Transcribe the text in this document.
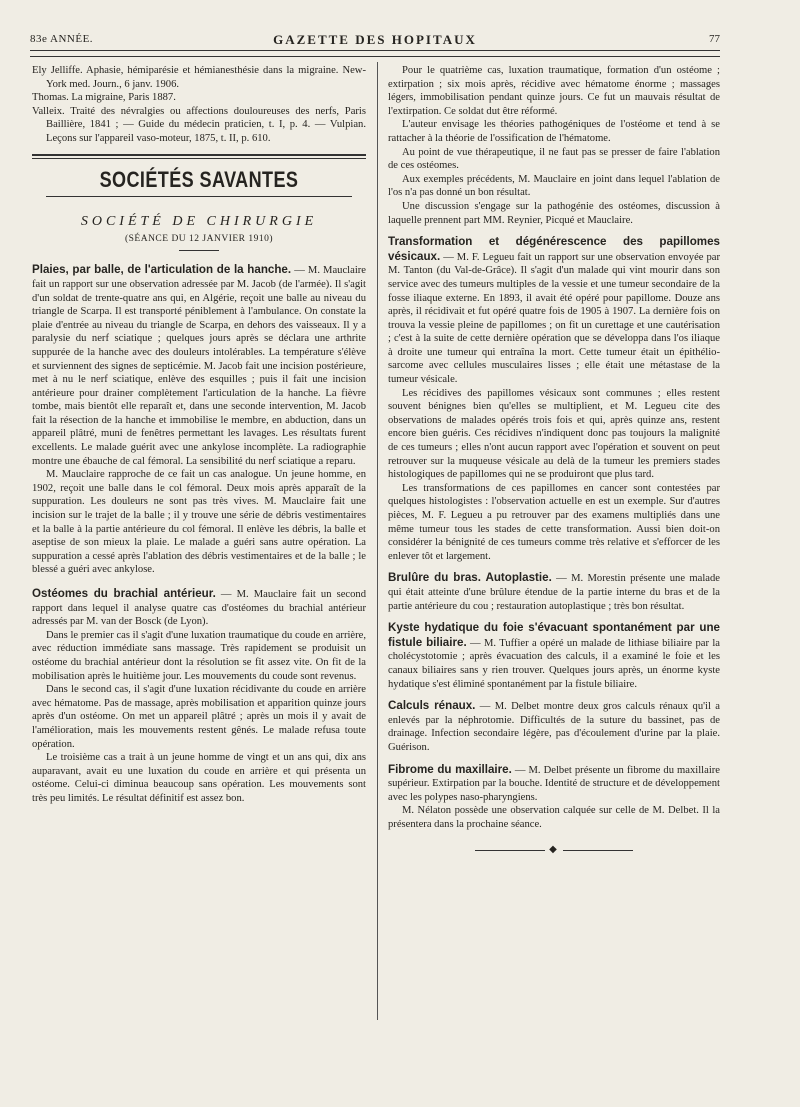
83e ANNÉE.	GAZETTE DES HOPITAUX	77

Ely Jelliffe. Aphasie, hémiparésie et hémianesthésie dans la migraine. New-York med. Journ., 6 janv. 1906.

Thomas. La migraine, Paris 1887.

Valleix. Traité des névralgies ou affections douloureuses des nerfs, Paris Baillière, 1841 ; — Guide du médecin praticien, t. I, p. 4. — Vulpian. Leçons sur l'appareil vaso-moteur, 1875, t. II, p. 610.

SOCIÉTÉS SAVANTES
SOCIÉTÉ DE CHIRURGIE
(SÉANCE DU 12 JANVIER 1910)

Plaies, par balle, de l'articulation de la hanche. — M. Mauclaire fait un rapport sur une observation adressée par M. Jacob (de l'armée). Il s'agit d'un soldat de trente-quatre ans qui, en Algérie, reçoit une balle au niveau du triangle de Scarpa. Il est transporté péniblement à l'ambulance. On constate la plaie d'entrée au niveau du triangle de Scarpa, en dehors des vaisseaux. Il y a paralysie du nerf sciatique ; quelques jours après se déclara une arthrite suppurée de la hanche avec des douleurs intolérables. La température s'élève et surviennent des signes de septicémie. M. Jacob fait une incision postérieure, met à nu le nerf sciatique, enlève des esquilles ; puis il fait une incision antérieure pour drainer complètement l'articulation de la hanche. La fièvre tombe, mais bientôt elle reparaît et, dans une seconde intervention, M. Jacob fait la résection de la hanche et immobilise le membre, en abduction, dans un appareil plâtré, muni de fenêtres permettant les lavages. Les résultats furent excellents. Le malade guérit avec une ankylose incomplète. La radiographie montre une ébauche de cal fémoral. La sensibilité du nerf sciatique a reparu.

M. Mauclaire rapproche de ce fait un cas analogue. Un jeune homme, en 1902, reçoit une balle dans le col fémoral. Deux mois après apparaît de la suppuration. Les douleurs ne sont pas très vives. M. Mauclaire fait une incision sur le trajet de la balle ; il y trouve une série de débris vestimentaires et la balle à la partie antérieure du col fémoral. Il enlève les débris, la balle et aseptise de son mieux la plaie. Le malade a guéri sans autre opération. La suppuration a cessé après l'ablation des débris vestimentaires et de la balle ; le blessé a guéri avec ankylose.

Ostéomes du brachial antérieur. — M. Mauclaire fait un second rapport dans lequel il analyse quatre cas d'ostéomes du brachial antérieur adressés par M. van der Bosck (de Lyon).

Dans le premier cas il s'agit d'une luxation traumatique du coude en arrière, avec réduction immédiate sans massage. Très rapidement se produisit un ostéome du brachial antérieur dont la résolution se fit assez vite. On fit de la mobilisation après le huitième jour. Les mouvements du coude sont revenus.

Dans le second cas, il s'agit d'une luxation récidivante du coude en arrière avec hématome. Pas de massage, après mobilisation et apparition quinze jours après d'un ostéome. On met un appareil plâtré ; après un mois il y avait de l'amélioration, mais les mouvements restent gênés. Le malade refusa toute opération.

Le troisième cas a trait à un jeune homme de vingt et un ans qui, dix ans auparavant, avait eu une luxation du coude en arrière et qui présenta un ostéome. Celui-ci diminua beaucoup sans opération. Les mouvements sont très peu limités. Le résultat définitif est assez bon.

Pour le quatrième cas, luxation traumatique, formation d'un ostéome ; extirpation ; six mois après, récidive avec hématome énorme ; massages légers, immobilisation pendant quinze jours. Ce fut un mauvais résultat de l'extirpation. Ce soldat dut être réformé.

L'auteur envisage les théories pathogéniques de l'ostéome et tend à se rattacher à la théorie de l'ossification de l'hématome.

Au point de vue thérapeutique, il ne faut pas se presser de faire l'ablation de ces ostéomes.

Aux exemples précédents, M. Mauclaire en joint dans lequel l'ablation de l'os n'a pas donné un bon résultat.

Une discussion s'engage sur la pathogénie des ostéomes, discussion à laquelle prennent part MM. Reynier, Picqué et Mauclaire.

Transformation et dégénérescence des papillomes vésicaux. — M. F. Legueu fait un rapport sur une observation envoyée par M. Tanton (du Val-de-Grâce). Il s'agit d'un malade qui vint mourir dans son service avec des tumeurs multiples de la vessie et une tumeur secondaire de la fosse iliaque externe. En 1893, il avait été opéré pour papillome. Douze ans après, il récidivait et fut opéré quatre fois de 1905 à 1907. La dernière fois on trouva la vessie pleine de papillomes ; on fit un curettage et une cautérisation ; c'est à la suite de cette dernière opération que se développa dans l'os iliaque à droite une tumeur qui entraîna la mort. Cette tumeur était un épithélio-sarcome avec cellules musculaires lisses ; elle était une métastase de la tumeur vésicale.

Les récidives des papillomes vésicaux sont communes ; elles restent souvent bénignes bien qu'elles se multiplient, et M. Legueu cite des observations de malades opérés trois fois et qui, après quinze ans, restent encore bien guéris. Ces récidives n'indiquent donc pas toujours la malignité de ces tumeurs ; elles n'ont aucun rapport avec l'opération et souvent on peut retrouver sur la muqueuse vésicale au delà de la tumeur les premiers stades histologiques de papillomes qui ne se produiront que plus tard.

Les transformations de ces papillomes en cancer sont contestées par quelques histologistes : l'observation actuelle en est un exemple. Sur d'autres pièces, M. F. Legueu a pu retrouver par des examens multipliés dans une même tumeur tous les stades de cette transformation. Aussi bien doit-on considérer la bénignité de ces tumeurs comme très relative et s'efforcer de les enlever tôt et largement.

Brulûre du bras. Autoplastie. — M. Morestin présente une malade qui était atteinte d'une brûlure étendue de la partie interne du bras et de la partie antérieure du cou ; restauration autoplastique ; très bon résultat.

Kyste hydatique du foie s'évacuant spontanément par une fistule biliaire. — M. Tuffier a opéré un malade de lithiase biliaire par la cholécystotomie ; après évacuation des calculs, il a examiné le foie et les canaux biliaires sans y rien trouver. Quelques jours après, un énorme kyste hydatique s'est éliminé spontanément par la fistule biliaire.

Calculs rénaux. — M. Delbet montre deux gros calculs rénaux qu'il a enlevés par la néphrotomie. Difficultés de la suture du bassinet, pas de drainage. Infection secondaire légère, pas d'écoulement d'urine par la plaie. Guérison.

Fibrome du maxillaire. — M. Delbet présente un fibrome du maxillaire supérieur. Extirpation par la bouche. Identité de structure et de développement avec les polypes naso-pharyngiens.

M. Nélaton possède une observation calquée sur celle de M. Delbet. Il la présentera dans la prochaine séance.

◆
